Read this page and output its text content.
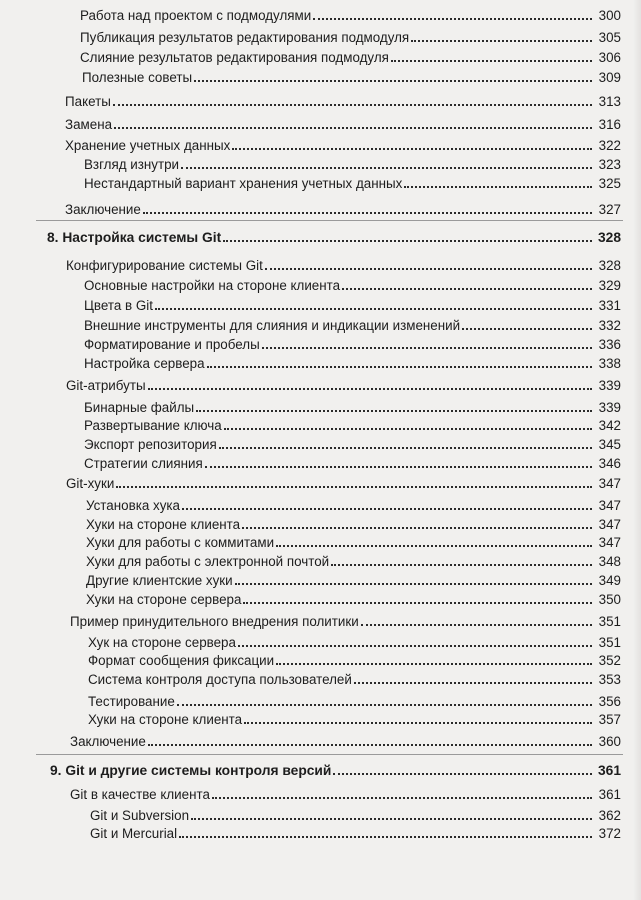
Работа над проектом с подмодулями	300
Публикация результатов редактирования подмодуля	305
Слияние результатов редактирования подмодуля	306
Полезные советы	309
Пакеты	313
Замена	316
Хранение учетных данных	322
Взгляд изнутри	323
Нестандартный вариант хранения учетных данных	325
Заключение	327
8. Настройка системы Git	328
Конфигурирование системы Git	328
Основные настройки на стороне клиента	329
Цвета в Git	331
Внешние инструменты для слияния и индикации изменений	332
Форматирование и пробелы	336
Настройка сервера	338
Git-атрибуты	339
Бинарные файлы	339
Развертывание ключа	342
Экспорт репозитория	345
Стратегии слияния	346
Git-хуки	347
Установка хука	347
Хуки на стороне клиента	347
Хуки для работы с коммитами	347
Хуки для работы с электронной почтой	348
Другие клиентские хуки	349
Хуки на стороне сервера	350
Пример принудительного внедрения политики	351
Хук на стороне сервера	351
Формат сообщения фиксации	352
Система контроля доступа пользователей	353
Тестирование	356
Хуки на стороне клиента	357
Заключение	360
9. Git и другие системы контроля версий	361
Git в качестве клиента	361
Git и Subversion	362
Git и Mercurial	372
